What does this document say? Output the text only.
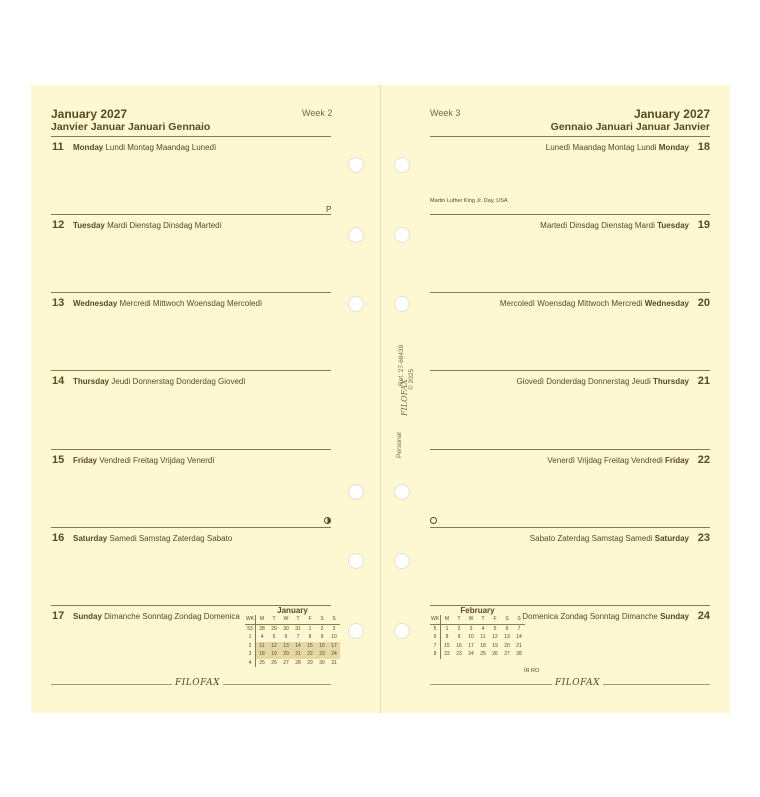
January 2027
Janvier Januar Januari Gennaio
Week 2	Week 3	January 2027
Gennaio Januari Januar Janvier
11 Monday Lundi Montag Maandag Lunedì
12 Tuesday Mardi Dienstag Dinsdag Martedì
13 Wednesday Mercredi Mittwoch Woensdag Mercoledì
14 Thursday Jeudi Donnerstag Donderdag Giovedì
15 Friday Vendredi Freitag Vrijdag Venerdì
16 Saturday Samedi Samstag Zaterdag Sabato
17 Sunday Dimanche Sonntag Zondag Domenica
18
Lunedì Maandag Montag Lundi Monday
19
Martedì Dinsdag Dienstag Mardi Tuesday
20
Mercoledì Woensdag Mittwoch Mercredi Wednesday
21
Giovedì Donderdag Donnerstag Jeudi Thursday
22
Venerdì Vrijdag Freitag Vendredi Friday
23
Sabato Zaterdag Samstag Samedi Saturday
24
Domenica Zondag Sonntag Dimanche Sunday
P
Martin Luther King Jr. Day, USA
IR RO
January
WK	M	T	W	T	F	S	S
53	28	29	30	31	1	2	3
1	4	5	6	7	8	9	10
2	11	12	13	14	15	16	17
3	18	19	20	21	22	23	24
4	25	26	27	28	29	30	31
February
WK	M	T	W	T	F	S	S
5	1	2	3	4	5	6	7
6	8	9	10	11	12	13	14
7	15	16	17	18	19	20	21
8	22	23	24	25	26	27	28
FILOFAX	FILOFAX
Personal
FILOFAX
Ref. 27-68439 © 2025
